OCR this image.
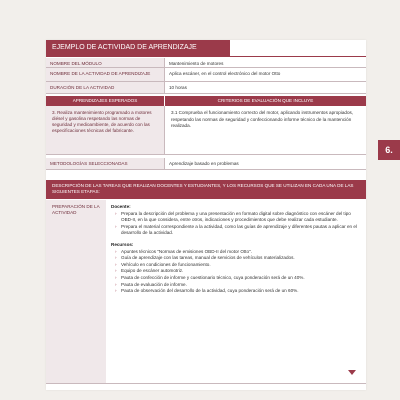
EJEMPLO DE ACTIVIDAD DE APRENDIZAJE
NOMBRE DEL MÓDULO	Mantenimiento de motores
NOMBRE DE LA ACTIVIDAD DE APRENDIZAJE	Aplica escáner, en el control electrónico del motor Otto
DURACIÓN DE LA ACTIVIDAD	10 horas
APRENDIZAJES ESPERADOS	CRITERIOS DE EVALUACIÓN QUE INCLUYE
3. Realiza mantenimiento programado a motores diésel y gasolina respetando las normas de seguridad y medioambiente, de acuerdo con las especificaciones técnicas del fabricante.
3.1 Comprueba el funcionamiento correcto del motor, aplicando instrumentos apropiados, respetando las normas de seguridad y confeccionando informe técnico de la mantención realizada.
METODOLOGÍAS SELECCIONADAS	Aprendizaje basado en problemas
DESCRIPCIÓN DE LAS TAREAS QUE REALIZAN DOCENTES Y ESTUDIANTES, Y LOS RECURSOS QUE SE UTILIZAN EN CADA UNA DE LAS SIGUIENTES ETAPAS:
PREPARACIÓN DE LA ACTIVIDAD
Docente:
› Prepara la descripción del problema y una presentación en formato digital sobre diagnóstico con escáner del tipo OBD-II, en la que considera, entre otros, indicaciones y procedimientos que debe realizar cada estudiante.
› Prepara el material correspondiente a la actividad, como las guías de aprendizaje y diferentes pautas a aplicar en el desarrollo de la actividad.
Recursos:
› Apuntes técnicos "Normas de emisiones OBD-II del motor Otto".
› Guía de aprendizaje con las tareas, manual de servicios de vehículos materializados.
› Vehículo en condiciones de funcionamiento.
› Equipo de escáner automotriz.
› Pauta de confección de informe y cuestionario técnico, cuya ponderación será de un 40%.
› Pauta de evaluación de informe.
› Pauta de observación del desarrollo de la actividad, cuya ponderación será de un 60%.
6.
